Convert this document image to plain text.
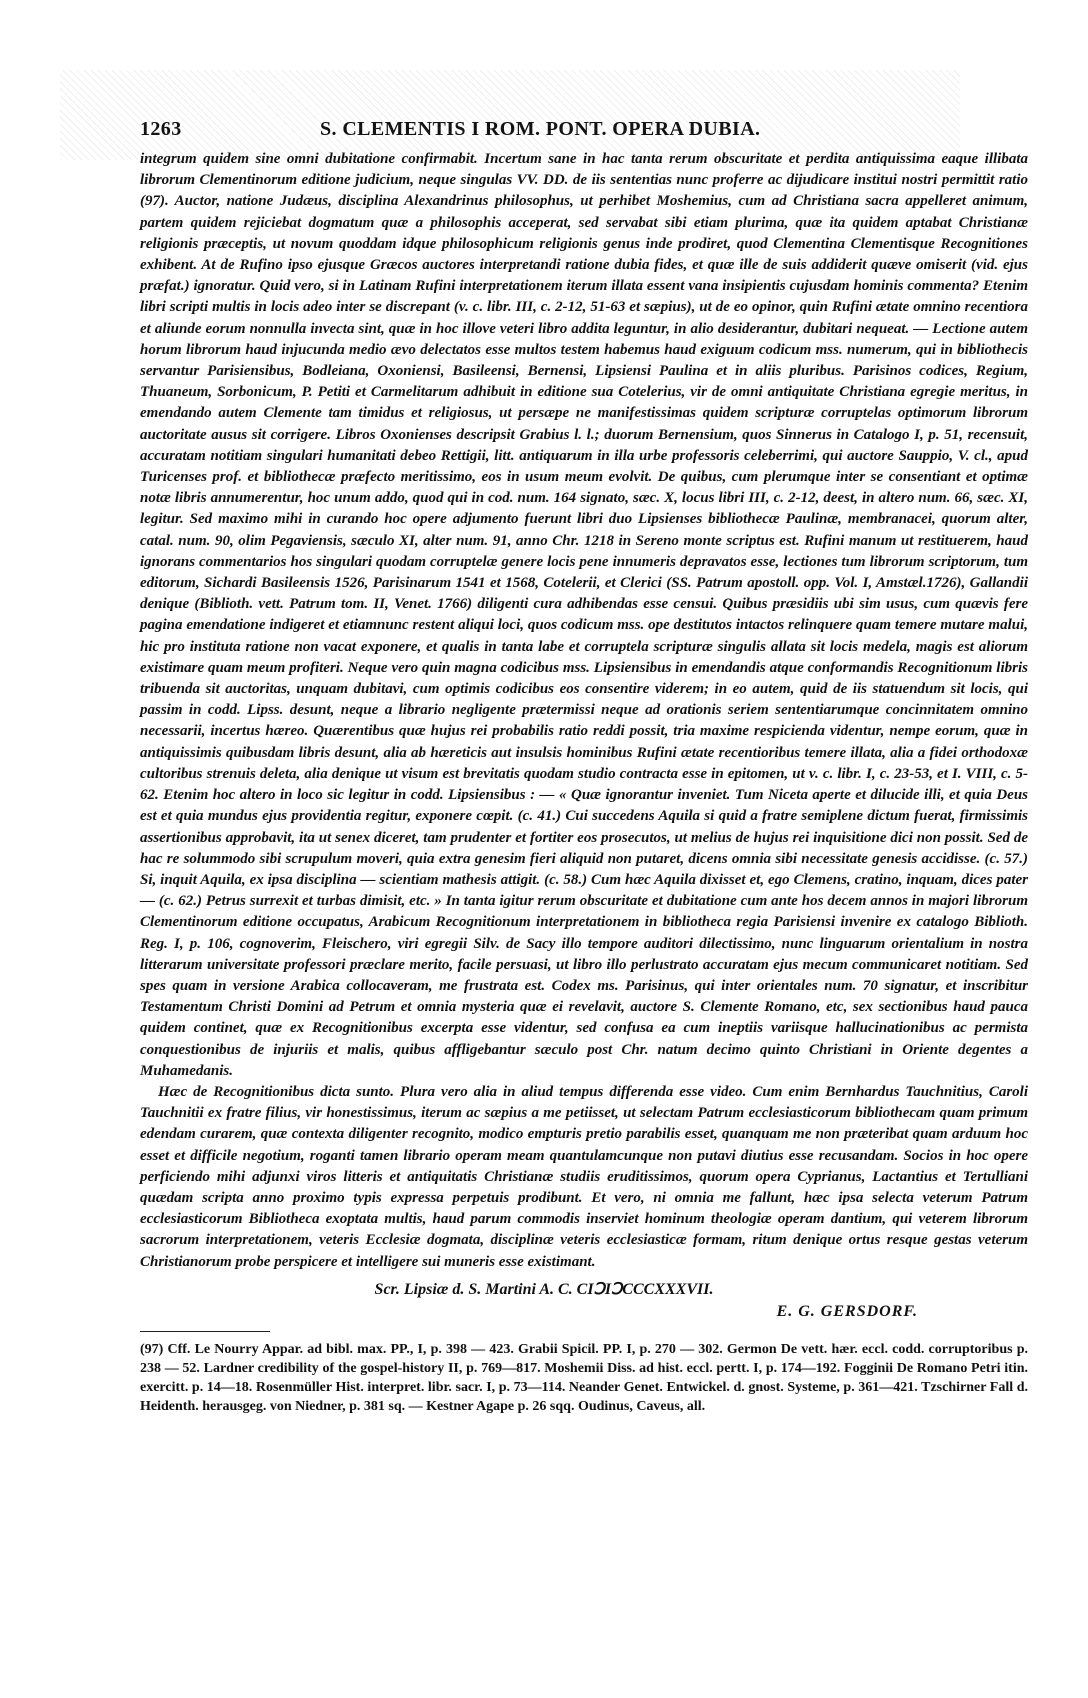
1263	S. CLEMENTIS I ROM. PONT. OPERA DUBIA.

integrum quidem sine omni dubitatione confirmabit. Incertum sane in hac tanta rerum obscuritate et perdita antiquissima eaque illibata librorum Clementinorum editione judicium, neque singulas VV. DD. de iis sententias nunc proferre ac dijudicare institui nostri permittit ratio (97). Auctor, natione Judæus, disciplina Alexandrinus philosophus, ut perhibet Moshemius, cum ad Christiana sacra appelleret animum, partem quidem rejiciebat dogmatum quæ a philosophis acceperat, sed servabat sibi etiam plurima, quæ ita quidem aptabat Christianæ religionis præceptis, ut novum quoddam idque philosophicum religionis genus inde prodiret, quod Clementina Clementisque Recognitiones exhibent. At de Rufino ipso ejusque Græcos auctores interpretandi ratione dubia fides, et quæ ille de suis addiderit quæve omiserit (vid. ejus præfat.) ignoratur. Quid vero, si in Latinam Rufini interpretationem iterum illata essent vana insipientis cujusdam hominis commenta? Etenim libri scripti multis in locis adeo inter se discrepant (v. c. libr. III, c. 2-12, 51-63 et sæpius), ut de eo opinor, quin Rufini ætate omnino recentiora et aliunde eorum nonnulla invecta sint, quæ in hoc illove veteri libro addita leguntur, in alio desiderantur, dubitari nequeat. — Lectione autem horum librorum haud injucunda medio ævo delectatos esse multos testem habemus haud exiguum codicum mss. numerum, qui in bibliothecis servantur Parisiensibus, Bodleiana, Oxoniensi, Basileensi, Bernensi, Lipsiensi Paulina et in aliis pluribus. Parisinos codices, Regium, Thuaneum, Sorbonicum, P. Petiti et Carmelitarum adhibuit in editione sua Cotelerius, vir de omni antiquitate Christiana egregie meritus, in emendando autem Clemente tam timidus et religiosus, ut persæpe ne manifestissimas quidem scripturæ corruptelas optimorum librorum auctoritate ausus sit corrigere. Libros Oxonienses descripsit Grabius l. l.; duorum Bernensium, quos Sinnerus in Catalogo I, p. 51, recensuit, accuratam notitiam singulari humanitati debeo Rettigii, litt. antiquarum in illa urbe professoris celeberrimi, qui auctore Sauppio, V. cl., apud Turicenses prof. et bibliothecæ præfecto meritissimo, eos in usum meum evolvit. De quibus, cum plerumque inter se consentiant et optimæ notæ libris annumerentur, hoc unum addo, quod qui in cod. num. 164 signato, sæc. X, locus libri III, c. 2-12, deest, in altero num. 66, sæc. XI, legitur. Sed maximo mihi in curando hoc opere adjumento fuerunt libri duo Lipsienses bibliothecæ Paulinæ, membranacei, quorum alter, catal. num. 90, olim Pegaviensis, sæculo XI, alter num. 91, anno Chr. 1218 in Sereno monte scriptus est. Rufini manum ut restituerem, haud ignorans commentarios hos singulari quodam corruptelæ genere locis pene innumeris depravatos esse, lectiones tum librorum scriptorum, tum editorum, Sichardi Basileensis 1526, Parisinarum 1541 et 1568, Cotelerii, et Clerici (SS. Patrum apostoll. opp. Vol. I, Amstæl.1726), Gallandii denique (Biblioth. vett. Patrum tom. II, Venet. 1766) diligenti cura adhibendas esse censui. Quibus præsidiis ubi sim usus, cum quævis fere pagina emendatione indigeret et etiamnunc restent aliqui loci, quos codicum mss. ope destitutos intactos relinquere quam temere mutare malui, hic pro instituta ratione non vacat exponere, et qualis in tanta labe et corruptela scripturæ singulis allata sit locis medela, magis est aliorum existimare quam meum profiteri. Neque vero quin magna codicibus mss. Lipsiensibus in emendandis atque conformandis Recognitionum libris tribuenda sit auctoritas, unquam dubitavi, cum optimis codicibus eos consentire viderem; in eo autem, quid de iis statuendum sit locis, qui passim in codd. Lipss. desunt, neque a librario negligente prætermissi neque ad orationis seriem sententiarumque concinnitatem omnino necessarii, incertus hæreo. Quærentibus quæ hujus rei probabilis ratio reddi possit, tria maxime respicienda videntur, nempe eorum, quæ in antiquissimis quibusdam libris desunt, alia ab hæreticis aut insulsis hominibus Rufini ætate recentioribus temere illata, alia a fidei orthodoxæ cultoribus strenuis deleta, alia denique ut visum est brevitatis quodam studio contracta esse in epitomen, ut v. c. libr. I, c. 23-53, et I. VIII, c. 5-62. Etenim hoc altero in loco sic legitur in codd. Lipsiensibus : — « Quæ ignorantur inveniet. Tum Niceta aperte et dilucide illi, et quia Deus est et quia mundus ejus providentia regitur, exponere cœpit. (c. 41.) Cui succedens Aquila si quid a fratre semiplene dictum fuerat, firmissimis assertionibus approbavit, ita ut senex diceret, tam prudenter et fortiter eos prosecutos, ut melius de hujus rei inquisitione dici non possit. Sed de hac re solummodo sibi scrupulum moveri, quia extra genesim fieri aliquid non putaret, dicens omnia sibi necessitate genesis accidisse. (c. 57.) Si, inquit Aquila, ex ipsa disciplina — scientiam mathesis attigit. (c. 58.) Cum hæc Aquila dixisset et, ego Clemens, cratino, inquam, dices pater — (c. 62.) Petrus surrexit et turbas dimisit, etc. » In tanta igitur rerum obscuritate et dubitatione cum ante hos decem annos in majori librorum Clementinorum editione occupatus, Arabicum Recognitionum interpretationem in bibliotheca regia Parisiensi invenire ex catalogo Biblioth. Reg. I, p. 106, cognoverim, Fleischero, viri egregii Silv. de Sacy illo tempore auditori dilectissimo, nunc linguarum orientalium in nostra litterarum universitate professori præclare merito, facile persuasi, ut libro illo perlustrato accuratam ejus mecum communicaret notitiam. Sed spes quam in versione Arabica collocaveram, me frustrata est. Codex ms. Parisinus, qui inter orientales num. 70 signatur, et inscribitur Testamentum Christi Domini ad Petrum et omnia mysteria quæ ei revelavit, auctore S. Clemente Romano, etc, sex sectionibus haud pauca quidem continet, quæ ex Recognitionibus excerpta esse videntur, sed confusa ea cum ineptiis variisque hallucinationibus ac permista conquestionibus de injuriis et malis, quibus affligebantur sæculo post Chr. natum decimo quinto Christiani in Oriente degentes a Muhamedanis.

Hæc de Recognitionibus dicta sunto. Plura vero alia in aliud tempus differenda esse video. Cum enim Bernhardus Tauchnitius, Caroli Tauchnitii ex fratre filius, vir honestissimus, iterum ac sæpius a me petiisset, ut selectam Patrum ecclesiasticorum bibliothecam quam primum edendam curarem, quæ contexta diligenter recognito, modico empturis pretio parabilis esset, quanquam me non præteribat quam arduum hoc esset et difficile negotium, roganti tamen librario operam meam quantulamcunque non putavi diutius esse recusandam. Socios in hoc opere perficiendo mihi adjunxi viros litteris et antiquitatis Christianæ studiis eruditissimos, quorum opera Cyprianus, Lactantius et Tertulliani quædam scripta anno proximo typis expressa perpetuis prodibunt. Et vero, ni omnia me fallunt, hæc ipsa selecta veterum Patrum ecclesiasticorum Bibliotheca exoptata multis, haud parum commodis inserviet hominum theologiæ operam dantium, qui veterem librorum sacrorum interpretationem, veteris Ecclesiæ dogmata, disciplinæ veteris ecclesiasticæ formam, ritum denique ortus resque gestas veterum Christianorum probe perspicere et intelligere sui muneris esse existimant.

Scr. Lipsiæ d. S. Martini A. C. CIↃIↃCCCXXXVII.
E. G. GERSDORF.

(97) Cff. Le Nourry Appar. ad bibl. max. PP., I, p. 398 — 423. Grabii Spicil. PP. I, p. 270 — 302. Germon De vett. hær. eccl. codd. corruptoribus p. 238 — 52. Lardner credibility of the gospel-history II, p. 769—817. Moshemii Diss. ad hist. eccl. pertt. I, p. 174—192. Fogginii De Romano Petri itin. exercitt. p. 14—18. Rosenmüller Hist. interpret. libr. sacr. I, p. 73—114. Neander Genet. Entwickel. d. gnost. Systeme, p. 361—421. Tzschirner Fall d. Heidenth. herausgeg. von Niedner, p. 381 sq. — Kestner Agape p. 26 sqq. Oudinus, Caveus, all.
